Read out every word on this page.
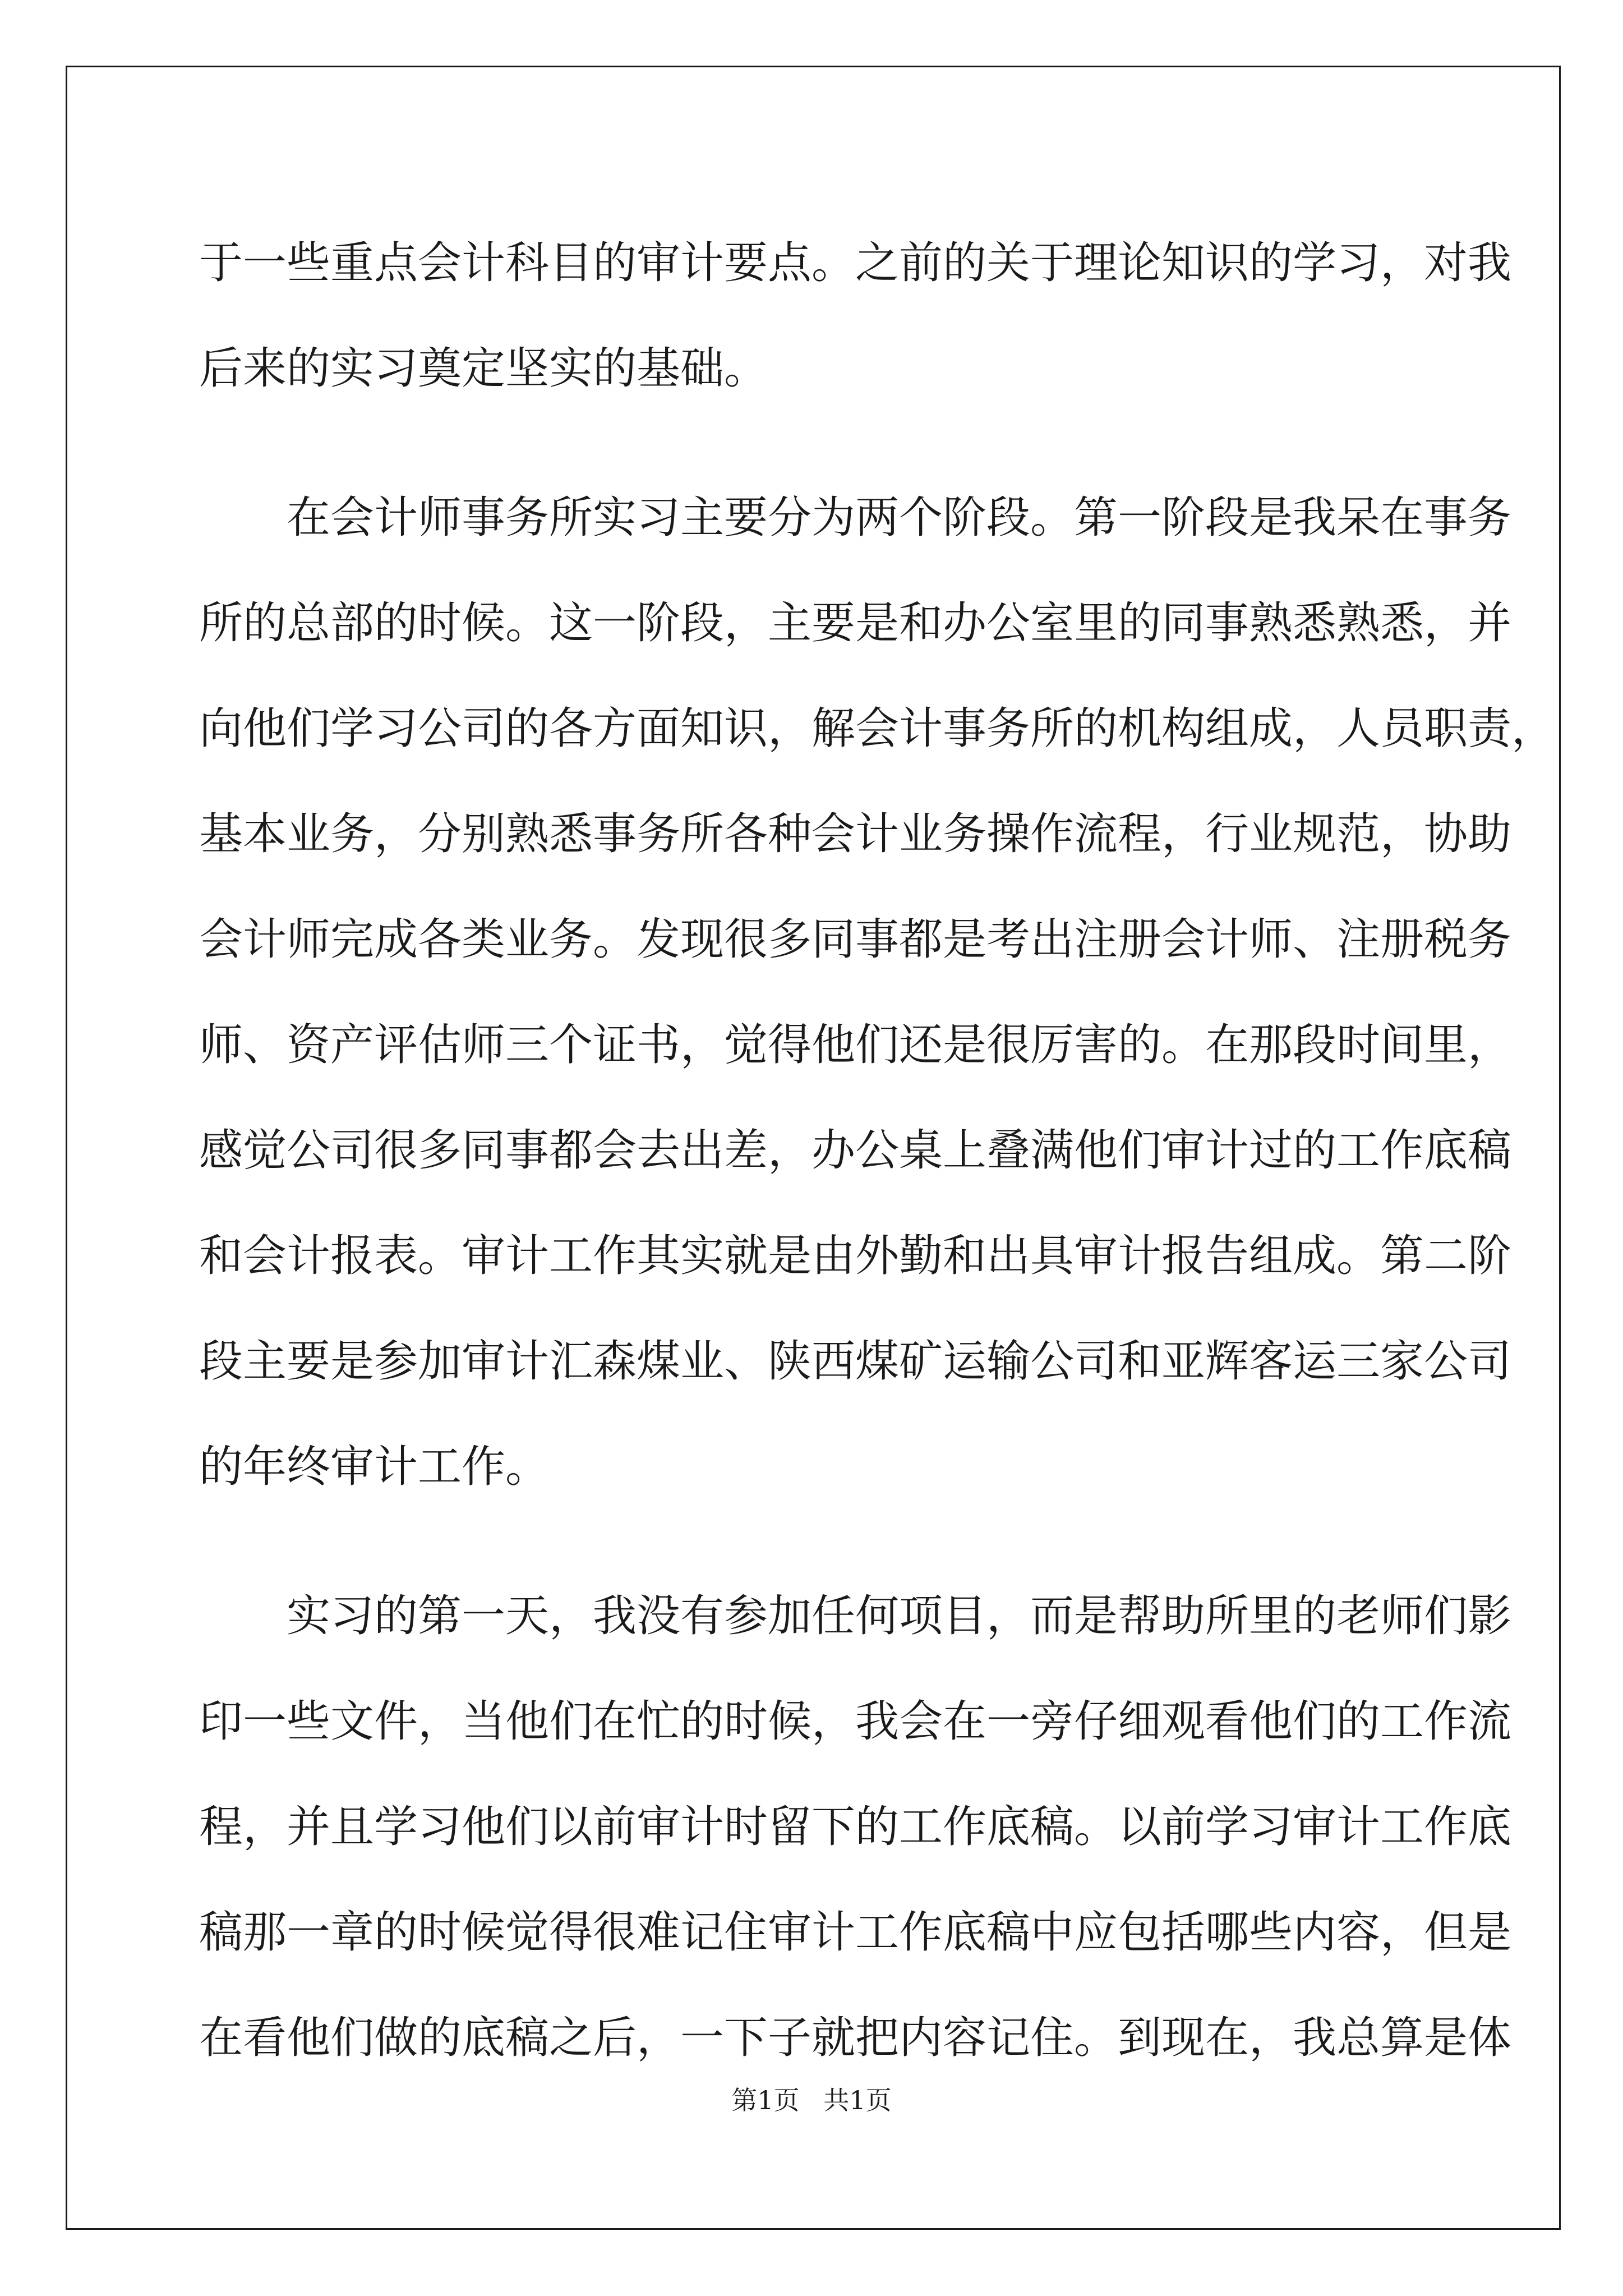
于一些重点会计科目的审计要点。之前的关于理论知识的学习，对我
后来的实习奠定坚实的基础。

在会计师事务所实习主要分为两个阶段。第一阶段是我呆在事务
所的总部的时候。这一阶段，主要是和办公室里的同事熟悉熟悉，并
向他们学习公司的各方面知识，解会计事务所的机构组成，人员职责，
基本业务，分别熟悉事务所各种会计业务操作流程，行业规范，协助
会计师完成各类业务。发现很多同事都是考出注册会计师、注册税务
师、资产评估师三个证书，觉得他们还是很厉害的。在那段时间里，
感觉公司很多同事都会去出差，办公桌上叠满他们审计过的工作底稿
和会计报表。审计工作其实就是由外勤和出具审计报告组成。第二阶
段主要是参加审计汇森煤业、陕西煤矿运输公司和亚辉客运三家公司
的年终审计工作。

实习的第一天，我没有参加任何项目，而是帮助所里的老师们影
印一些文件，当他们在忙的时候，我会在一旁仔细观看他们的工作流
程，并且学习他们以前审计时留下的工作底稿。以前学习审计工作底
稿那一章的时候觉得很难记住审计工作底稿中应包括哪些内容，但是
在看他们做的底稿之后，一下子就把内容记住。到现在，我总算是体

第1页 共1页
